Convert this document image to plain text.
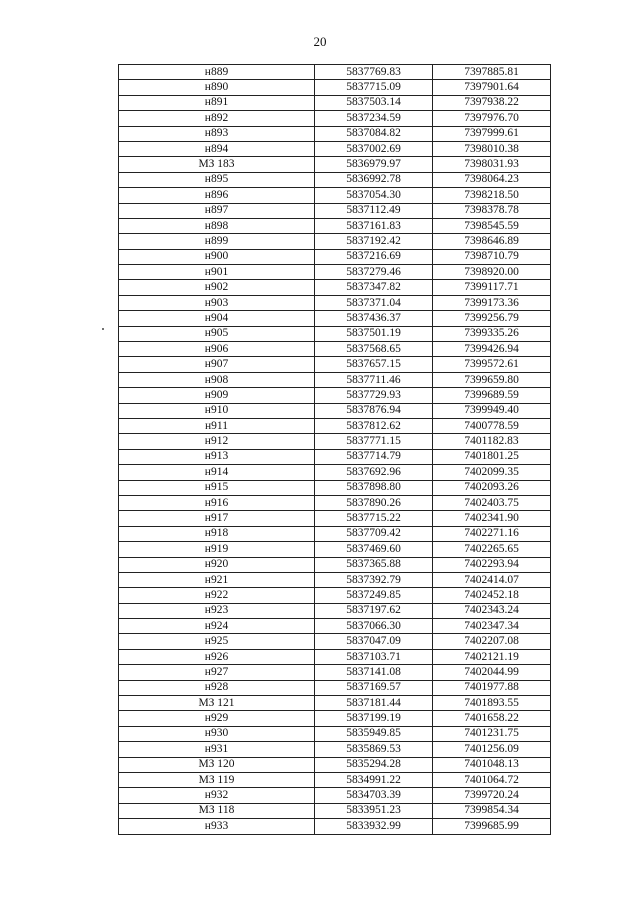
20
н889	5837769.83	7397885.81
н890	5837715.09	7397901.64
н891	5837503.14	7397938.22
н892	5837234.59	7397976.70
н893	5837084.82	7397999.61
н894	5837002.69	7398010.38
МЗ 183	5836979.97	7398031.93
н895	5836992.78	7398064.23
н896	5837054.30	7398218.50
н897	5837112.49	7398378.78
н898	5837161.83	7398545.59
н899	5837192.42	7398646.89
н900	5837216.69	7398710.79
н901	5837279.46	7398920.00
н902	5837347.82	7399117.71
н903	5837371.04	7399173.36
н904	5837436.37	7399256.79
н905	5837501.19	7399335.26
н906	5837568.65	7399426.94
н907	5837657.15	7399572.61
н908	5837711.46	7399659.80
н909	5837729.93	7399689.59
н910	5837876.94	7399949.40
н911	5837812.62	7400778.59
н912	5837771.15	7401182.83
н913	5837714.79	7401801.25
н914	5837692.96	7402099.35
н915	5837898.80	7402093.26
н916	5837890.26	7402403.75
н917	5837715.22	7402341.90
н918	5837709.42	7402271.16
н919	5837469.60	7402265.65
н920	5837365.88	7402293.94
н921	5837392.79	7402414.07
н922	5837249.85	7402452.18
н923	5837197.62	7402343.24
н924	5837066.30	7402347.34
н925	5837047.09	7402207.08
н926	5837103.71	7402121.19
н927	5837141.08	7402044.99
н928	5837169.57	7401977.88
МЗ 121	5837181.44	7401893.55
н929	5837199.19	7401658.22
н930	5835949.85	7401231.75
н931	5835869.53	7401256.09
МЗ 120	5835294.28	7401048.13
МЗ 119	5834991.22	7401064.72
н932	5834703.39	7399720.24
МЗ 118	5833951.23	7399854.34
н933	5833932.99	7399685.99
